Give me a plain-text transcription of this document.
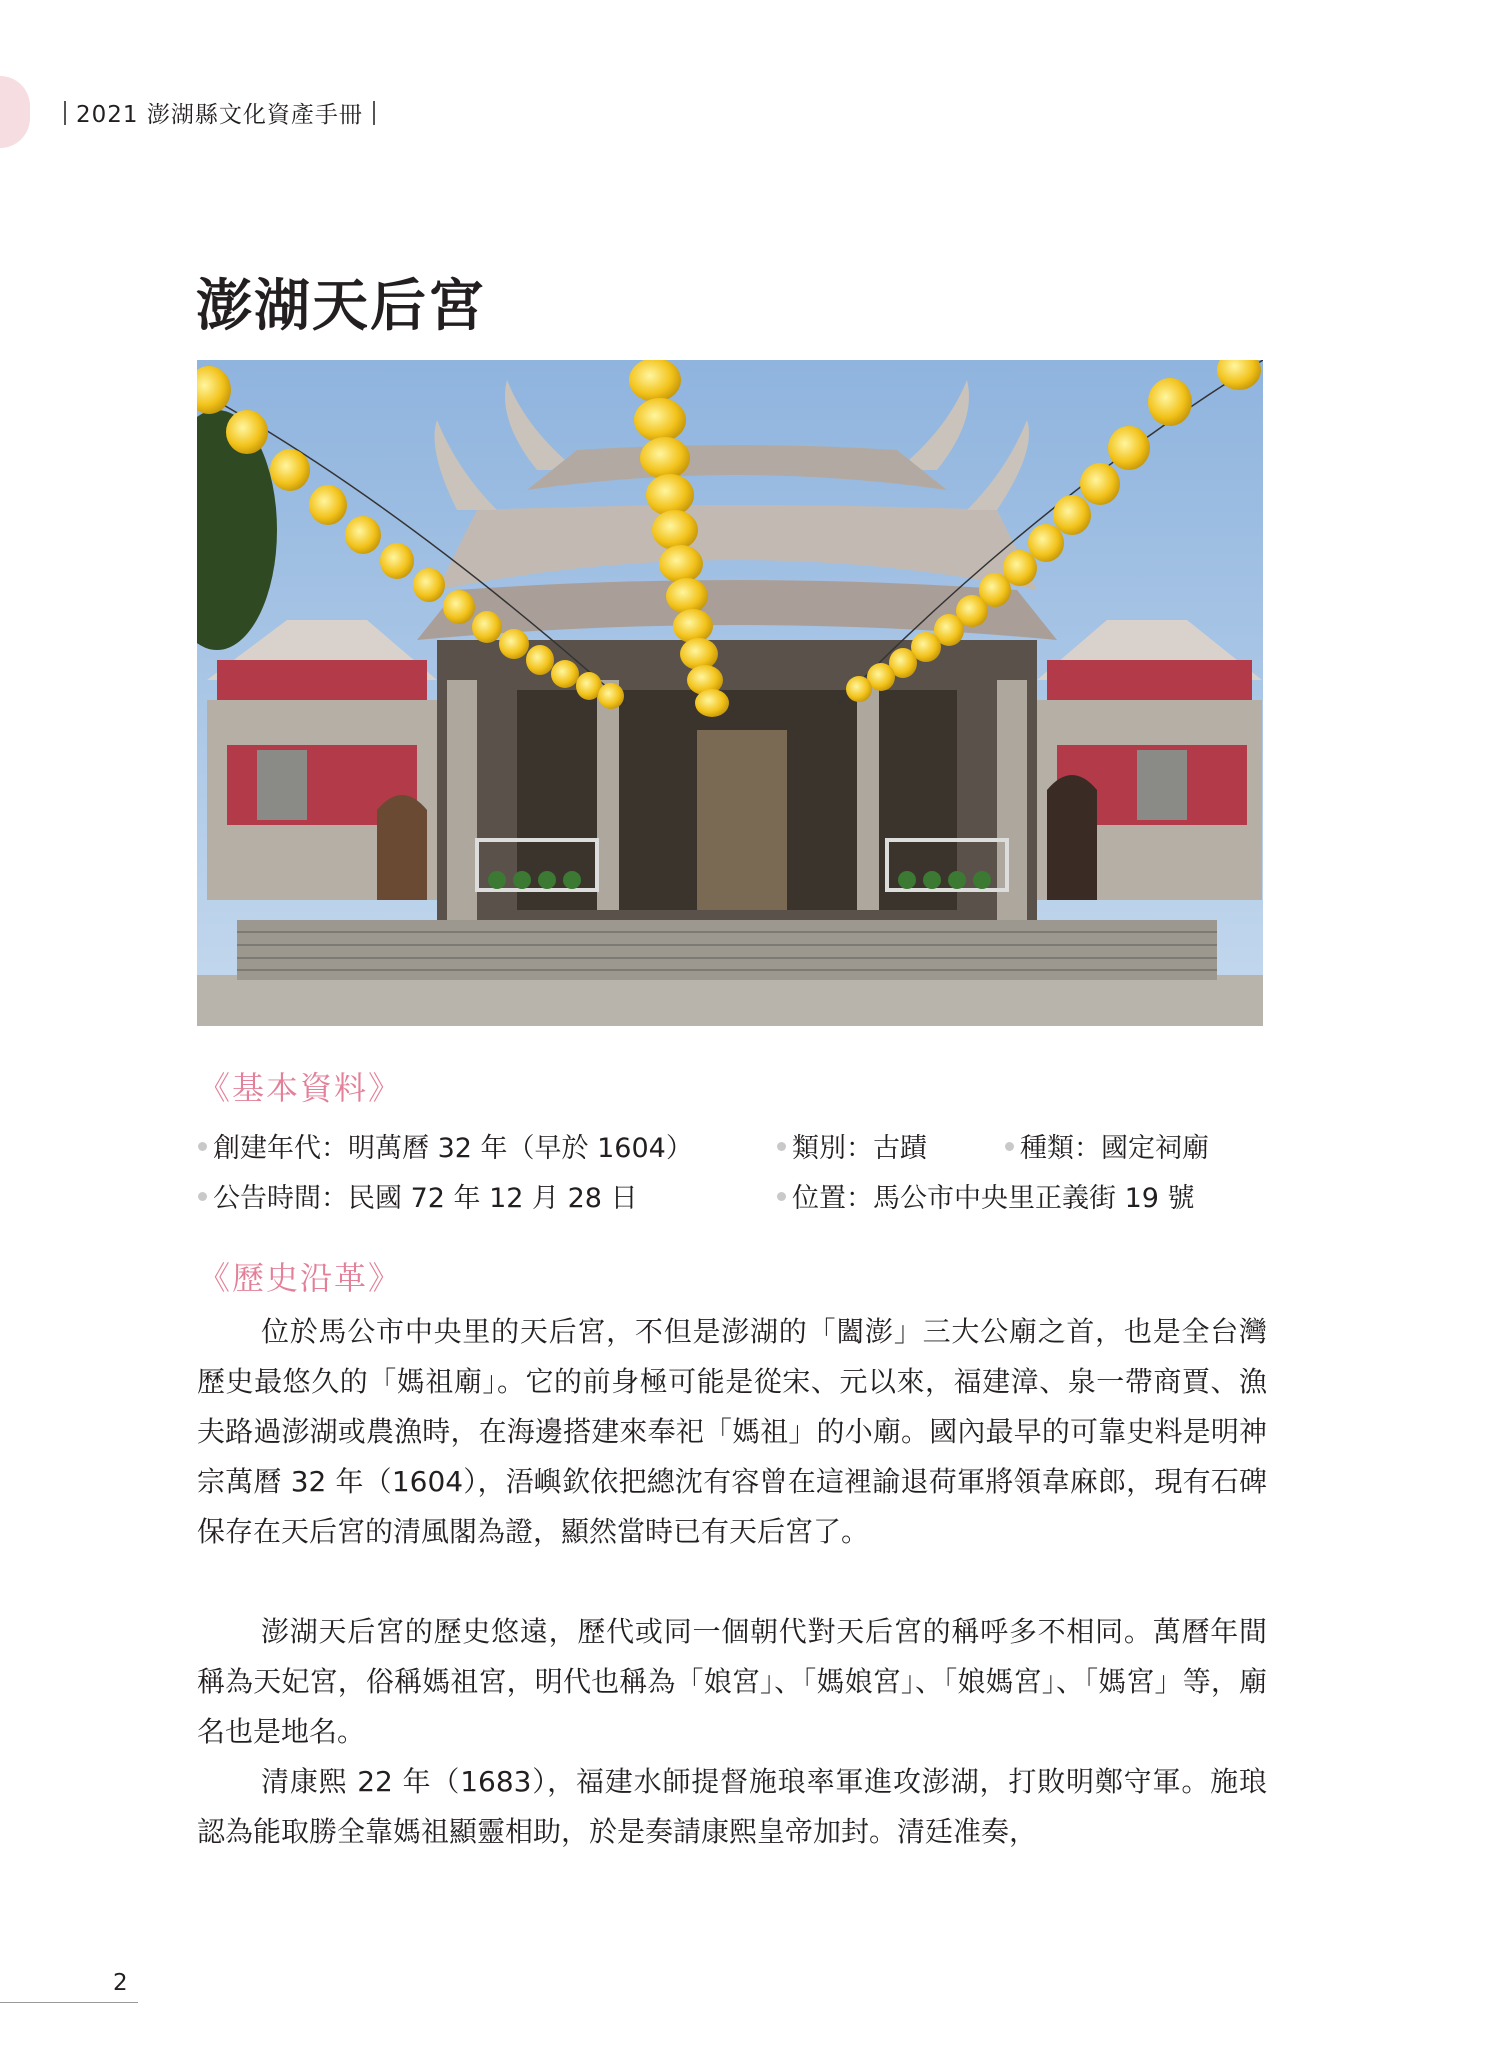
2021 澎湖縣文化資產手冊
澎湖天后宮
《基本資料》
創建年代：明萬曆 32 年（早於 1604）	類別：古蹟	種類：國定祠廟
公告時間：民國 72 年 12 月 28 日	位置：馬公市中央里正義街 19 號
《歷史沿革》

位於馬公市中央里的天后宮，不但是澎湖的「闔澎」三大公廟之首，也是全台灣歷史最悠久的「媽祖廟」。它的前身極可能是從宋、元以來，福建漳、泉一帶商賈、漁夫路過澎湖或農漁時，在海邊搭建來奉祀「媽祖」的小廟。國內最早的可靠史料是明神宗萬曆 32 年（1604），浯嶼欽依把總沈有容曾在這裡諭退荷軍將領韋麻郎，現有石碑保存在天后宮的清風閣為證，顯然當時已有天后宮了。

澎湖天后宮的歷史悠遠，歷代或同一個朝代對天后宮的稱呼多不相同。萬曆年間稱為天妃宮，俗稱媽祖宮，明代也稱為「娘宮」、「媽娘宮」、「娘媽宮」、「媽宮」等，廟名也是地名。

清康熙 22 年（1683），福建水師提督施琅率軍進攻澎湖，打敗明鄭守軍。施琅認為能取勝全靠媽祖顯靈相助，於是奏請康熙皇帝加封。清廷准奏，

2
